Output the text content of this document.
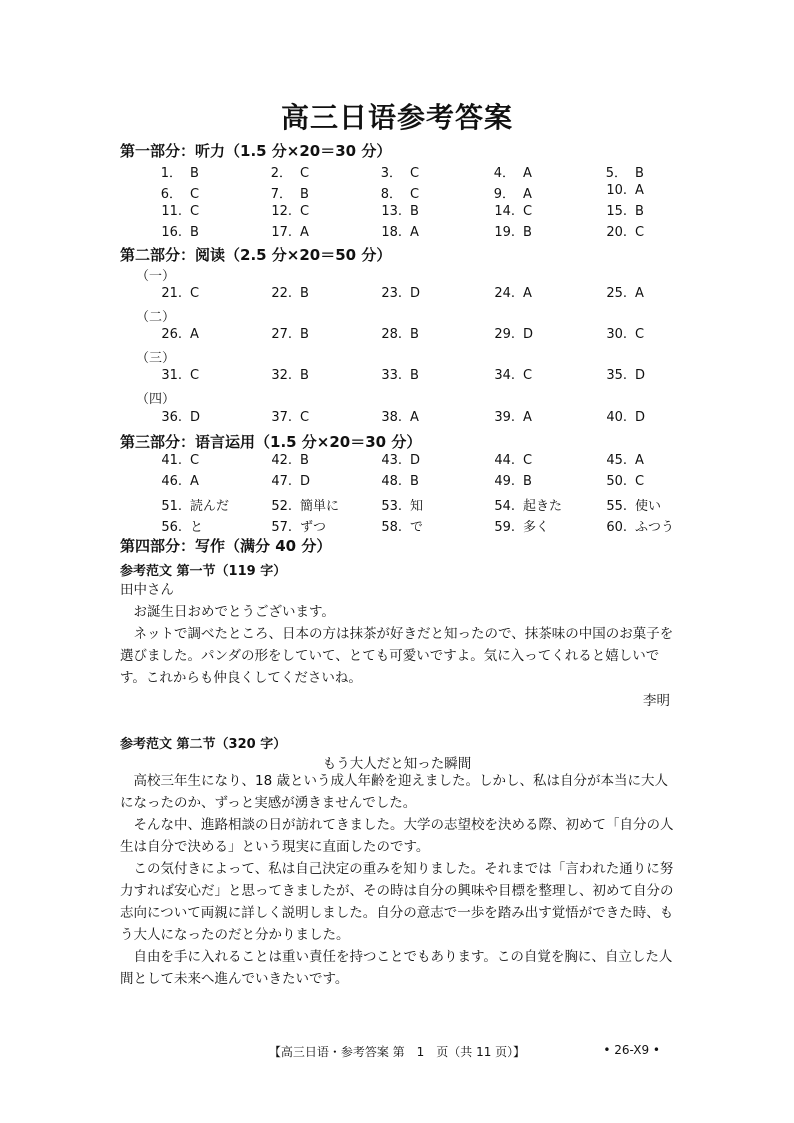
高三日语参考答案
第一部分：听力（1.5 分×20＝30 分）
1． B	2． C	3． C	4． A	5． B
6． C	7． B	8． C	9． A	10. A
11. C	12. C	13. B	14. C	15. B
16. B	17. A	18. A	19. B	20. C
第二部分：阅读（2.5 分×20＝50 分）
（一）
21. C	22. B	23. D	24. A	25. A
（二）
26. A	27. B	28. B	29. D	30. C
（三）
31. C	32. B	33. B	34. C	35. D
（四）
36. D	37. C	38. A	39. A	40. D
第三部分：语言运用（1.5 分×20＝30 分）
41. C	42. B	43. D	44. C	45. A
46. A	47. D	48. B	49. B	50. C
51. 読んだ	52. 簡単に	53. 知	54. 起きた	55. 使い
56. と	57. ずつ	58. で	59. 多く	60. ふつう
第四部分：写作（满分 40 分）
参考范文 第一节（119 字）

田中さん

お誕生日おめでとうございます。

ネットで調べたところ、日本の方は抹茶が好きだと知ったので、抹茶味の中国のお菓子を選びました。パンダの形をしていて、とても可愛いですよ。気に入ってくれると嬉しいです。これからも仲良くしてくださいね。

李明
参考范文 第二节（320 字）
もう大人だと知った瞬間

高校三年生になり、18 歳という成人年齢を迎えました。しかし、私は自分が本当に大人になったのか、ずっと実感が湧きませんでした。

そんな中、進路相談の日が訪れてきました。大学の志望校を決める際、初めて「自分の人生は自分で決める」という現実に直面したのです。

この気付きによって、私は自己決定の重みを知りました。それまでは「言われた通りに努力すれば安心だ」と思ってきましたが、その時は自分の興味や目標を整理し、初めて自分の志向について両親に詳しく説明しました。自分の意志で一歩を踏み出す覚悟ができた時、もう大人になったのだと分かりました。

自由を手に入れることは重い責任を持つことでもあります。この自覚を胸に、自立した人間として未来へ進んでいきたいです。

【高三日语・参考答案 第　1　页（共 11 页）】	• 26-X9 •
